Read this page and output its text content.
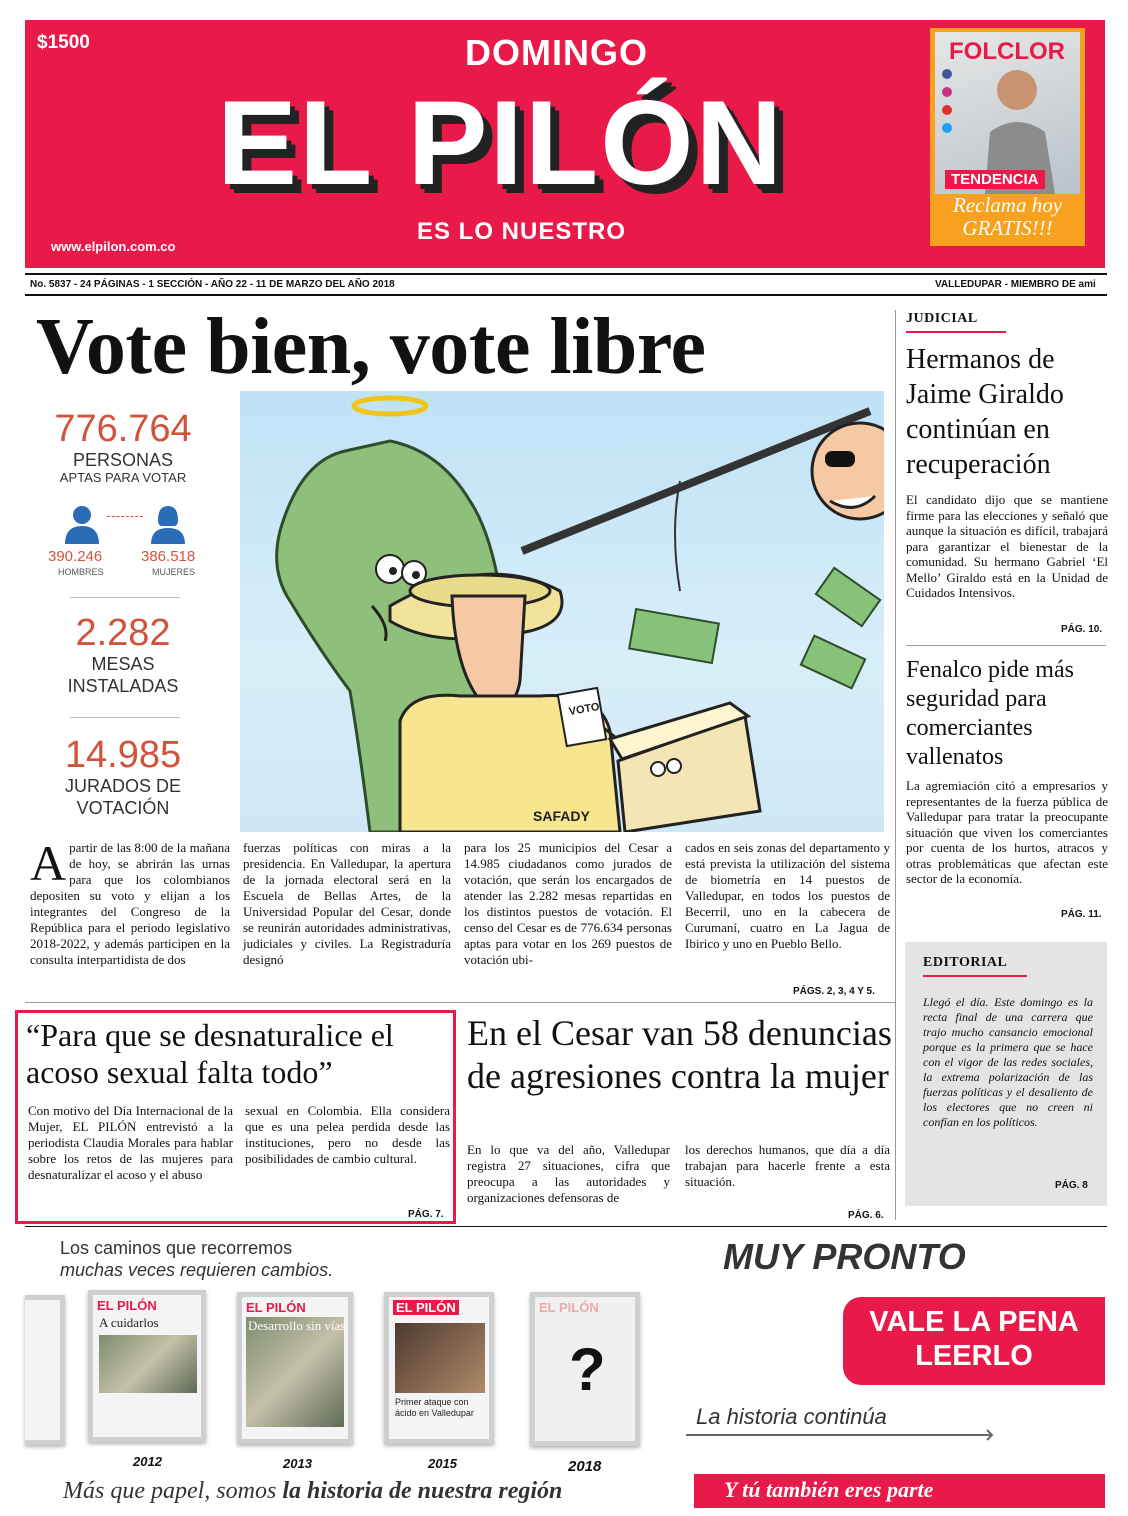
$1500	DOMINGO
EL PILÓN
ES LO NUESTRO
www.elpilon.com.co
FOLCLOR
TENDENCIA
Reclama hoy
GRATIS!!!
No. 5837 - 24 PÁGINAS - 1 SECCIÓN - AÑO 22 - 11 DE MARZO DEL AÑO 2018	VALLEDUPAR - MIEMBRO DE ami
Vote bien, vote libre
776.764
PERSONAS
APTAS PARA VOTAR
390.246
HOMBRES
386.518
MUJERES
2.282
MESAS
INSTALADAS
14.985
JURADOS DE
VOTACIÓN
VOTO
SAFADY
Apartir de las 8:00 de la mañana de hoy, se abrirán las urnas para que los colombianos depositen su voto y elijan a los integrantes del Congreso de la República para el periodo legislativo 2018-2022, y además participen en la consulta interpartidista de dos
fuerzas políticas con miras a la presidencia. En Valledupar, la apertura de la jornada electoral será en la Escuela de Bellas Artes, de la Universidad Popular del Cesar, donde se reunirán autoridades administrativas, judiciales y civiles. La Registraduría designó
para los 25 municipios del Cesar a 14.985 ciudadanos como jurados de votación, que serán los encargados de atender las 2.282 mesas repartidas en los distintos puestos de votación. El censo del Cesar es de 776.634 personas aptas para votar en los 269 puestos de votación ubi-
cados en seis zonas del departamento y está prevista la utilización del sistema de biometría en 14 puestos de Valledupar, en todos los puestos de Becerril, uno en la cabecera de Curumaní, cuatro en La Jagua de Ibirico y uno en Pueblo Bello.
PÁGS. 2, 3, 4 Y 5.
JUDICIAL
Hermanos de Jaime Giraldo continúan en recuperación
El candidato dijo que se mantiene firme para las elecciones y señaló que aunque la situación es difícil, trabajará para garantizar el bienestar de la comunidad. Su hermano Gabriel ‘El Mello’ Giraldo está en la Unidad de Cuidados Intensivos.
PÁG. 10.
Fenalco pide más seguridad para comerciantes vallenatos
La agremiación citó a empresarios y representantes de la fuerza pública de Valledupar para tratar la preocupante situación que viven los comerciantes por cuenta de los hurtos, atracos y otras problemáticas que afectan este sector de la economía.
PÁG. 11.
EDITORIAL
Llegó el día. Este domingo es la recta final de una carrera que trajo mucho cansancio emocional porque es la primera que se hace con el vigor de las redes sociales, la extrema polarización de las fuerzas políticas y el desaliento de los electores que no creen ni confían en los políticos.
PÁG. 8
“Para que se desnaturalice el acoso sexual falta todo”
Con motivo del Día Internacional de la Mujer, EL PILÓN entrevistó a la periodista Claudia Morales para hablar sobre los retos de las mujeres para desnaturalizar el acoso y el abuso
sexual en Colombia. Ella considera que es una pelea perdida desde las instituciones, pero no desde las posibilidades de cambio cultural.
PÁG. 7.
En el Cesar van 58 denuncias de agresiones contra la mujer
En lo que va del año, Valledupar registra 27 situaciones, cifra que preocupa a las autoridades y organizaciones defensoras de
los derechos humanos, que día a día trabajan para hacerle frente a esta situación.
PÁG. 6.
Los caminos que recorremos
muchas veces requieren cambios.
EL PILÓN
A cuidarlos
2012
EL PILÓN
Desarrollo sin vías
2013
EL PILÓN
Primer ataque con ácido en Valledupar
2015
EL PILÓN
?
2018
MUY PRONTO
VALE LA PENA
LEERLO
La historia continúa
Más que papel, somos la historia de nuestra región	Y tú también eres parte
